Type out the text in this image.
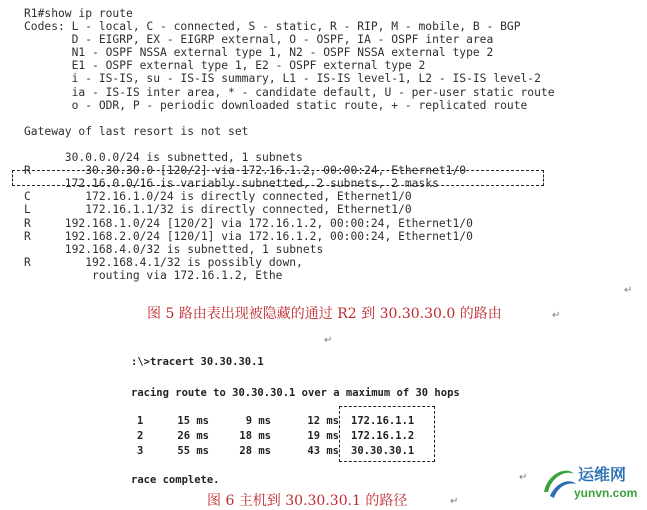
R1#show ip route
Codes: L - local, C - connected, S - static, R - RIP, M - mobile, B - BGP
D - EIGRP, EX - EIGRP external, O - OSPF, IA - OSPF inter area
N1 - OSPF NSSA external type 1, N2 - OSPF NSSA external type 2
E1 - OSPF external type 1, E2 - OSPF external type 2
i - IS-IS, su - IS-IS summary, L1 - IS-IS level-1, L2 - IS-IS level-2
ia - IS-IS inter area, * - candidate default, U - per-user static route
o - ODR, P - periodic downloaded static route, + - replicated route
Gateway of last resort is not set
30.0.0.0/24 is subnetted, 1 subnets
R        30.30.30.0 [120/2] via 172.16.1.2, 00:00:24, Ethernet1/0
172.16.0.0/16 is variably subnetted, 2 subnets, 2 masks
C        172.16.1.0/24 is directly connected, Ethernet1/0
L        172.16.1.1/32 is directly connected, Ethernet1/0
R     192.168.1.0/24 [120/2] via 172.16.1.2, 00:00:24, Ethernet1/0
R     192.168.2.0/24 [120/1] via 172.16.1.2, 00:00:24, Ethernet1/0
192.168.4.0/32 is subnetted, 1 subnets
R        192.168.4.1/32 is possibly down,
routing via 172.16.1.2, Ethe
图 5 路由表出现被隐藏的通过 R2 到 30.30.30.0 的路由	↵
↵
↵

:\>tracert 30.30.30.1

racing route to 30.30.30.1 over a maximum of 30 hops

race complete.

1	15 ms	9 ms	12 ms 172.16.1.1
2	26 ms	18 ms	19 ms 172.16.1.2
3	55 ms	28 ms	43 ms 30.30.30.1
图 6 主机到 30.30.30.1 的路径	↵
↵	运维网
yunvn.com
